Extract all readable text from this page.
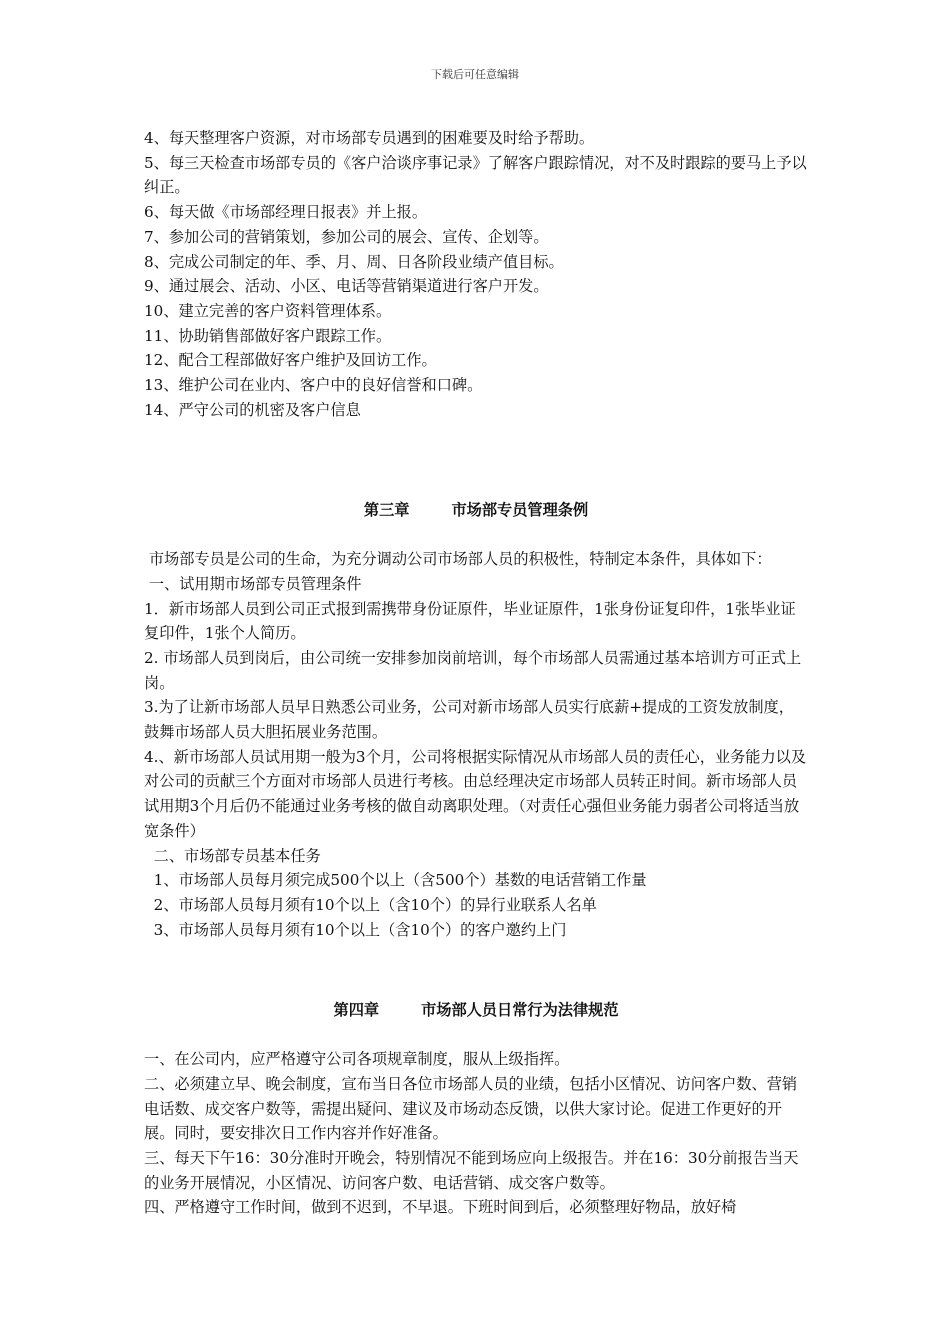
下载后可任意编辑

4、每天整理客户资源，对市场部专员遇到的困难要及时给予帮助。

5、每三天检查市场部专员的《客户洽谈序事记录》了解客户跟踪情况，对不及时跟踪的要马上予以纠正。

6、每天做《市场部经理日报表》并上报。

7、参加公司的营销策划，参加公司的展会、宣传、企划等。

8、完成公司制定的年、季、月、周、日各阶段业绩产值目标。

9、通过展会、活动、小区、电话等营销渠道进行客户开发。

10、建立完善的客户资料管理体系。

11、协助销售部做好客户跟踪工作。

12、配合工程部做好客户维护及回访工作。

13、维护公司在业内、客户中的良好信誉和口碑。

14、严守公司的机密及客户信息

第三章	市场部专员管理条例

市场部专员是公司的生命，为充分调动公司市场部人员的积极性，特制定本条件，具体如下：

一、试用期市场部专员管理条件

1．新市场部人员到公司正式报到需携带身份证原件，毕业证原件，1张身份证复印件，1张毕业证复印件，1张个人简历。

2. 市场部人员到岗后，由公司统一安排参加岗前培训，每个市场部人员需通过基本培训方可正式上岗。

3.为了让新市场部人员早日熟悉公司业务，公司对新市场部人员实行底薪+提成的工资发放制度，鼓舞市场部人员大胆拓展业务范围。

4.、新市场部人员试用期一般为3个月，公司将根据实际情况从市场部人员的责任心，业务能力以及对公司的贡献三个方面对市场部人员进行考核。由总经理决定市场部人员转正时间。新市场部人员试用期3个月后仍不能通过业务考核的做自动离职处理。（对责任心强但业务能力弱者公司将适当放宽条件）

二、市场部专员基本任务

1、市场部人员每月须完成500个以上（含500个）基数的电话营销工作量

2、市场部人员每月须有10个以上（含10个）的异行业联系人名单

3、市场部人员每月须有10个以上（含10个）的客户邀约上门

第四章	市场部人员日常行为法律规范

一、在公司内，应严格遵守公司各项规章制度，服从上级指挥。

二、必须建立早、晚会制度，宣布当日各位市场部人员的业绩，包括小区情况、访问客户数、营销电话数、成交客户数等，需提出疑问、建议及市场动态反馈，以供大家讨论。促进工作更好的开展。同时，要安排次日工作内容并作好准备。

三、每天下午16：30分准时开晚会，特别情况不能到场应向上级报告。并在16：30分前报告当天的业务开展情况，小区情况、访问客户数、电话营销、成交客户数等。

四、严格遵守工作时间，做到不迟到，不早退。下班时间到后，必须整理好物品，放好椅
